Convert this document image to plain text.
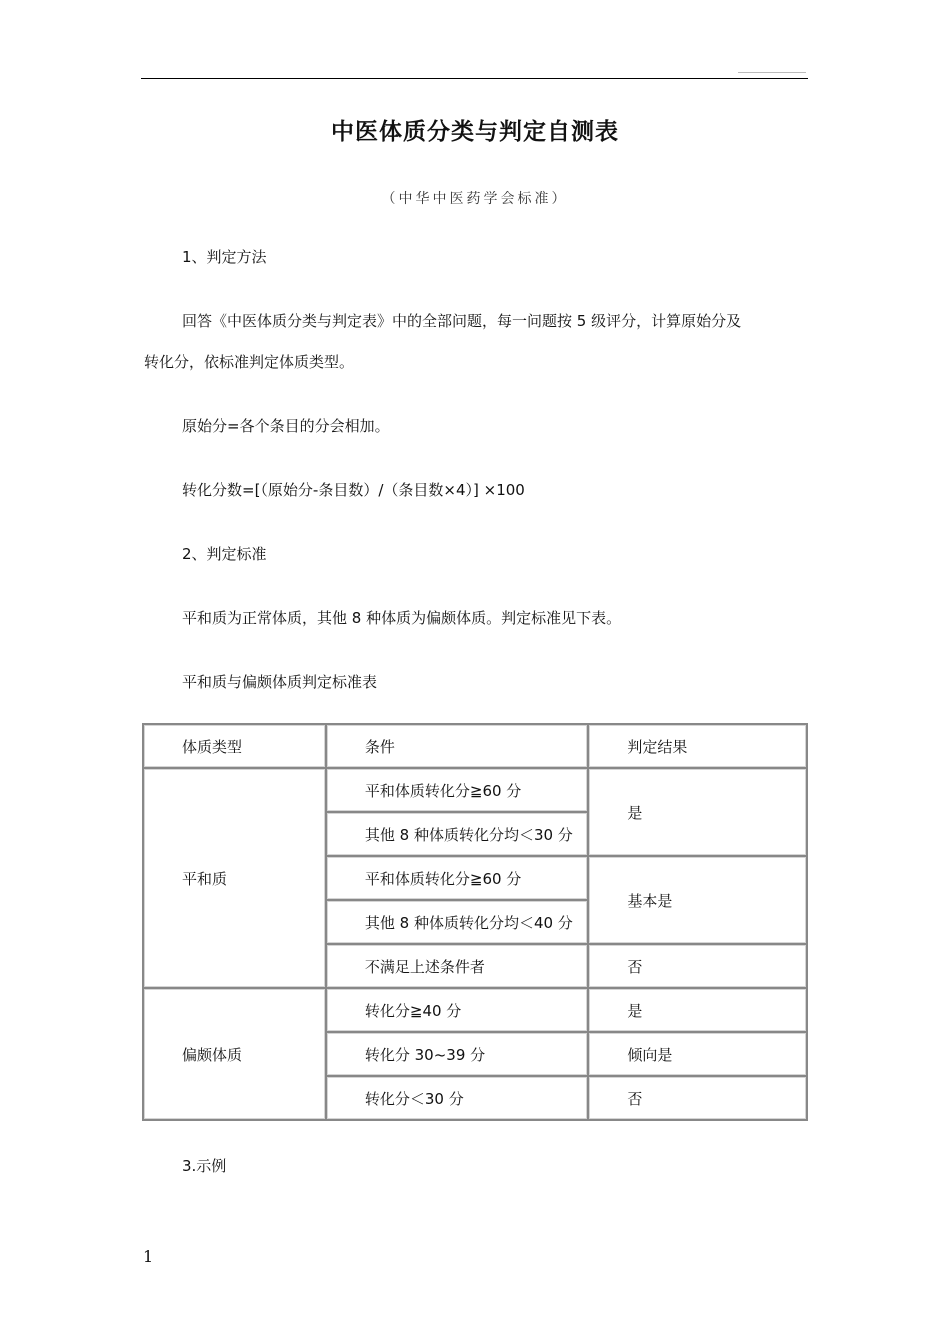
中医体质分类与判定自测表
（中华中医药学会标准）
1、判定方法
回答《中医体质分类与判定表》中的全部问题，每一问题按 5 级评分，计算原始分及
转化分，依标准判定体质类型。
原始分=各个条目的分会相加。
转化分数=[（原始分-条目数）/（条目数×4）] ×100
2、判定标准
平和质为正常体质，其他 8 种体质为偏颇体质。判定标准见下表。
平和质与偏颇体质判定标准表
体质类型	条件	判定结果
平和质	平和体质转化分≧60 分	是
	其他 8 种体质转化分均＜30 分	
	平和体质转化分≧60 分	基本是
	其他 8 种体质转化分均＜40 分	
	不满足上述条件者	否
偏颇体质	转化分≧40 分	是
	转化分 30~39 分	倾向是
	转化分＜30 分	否
3.示例
1
